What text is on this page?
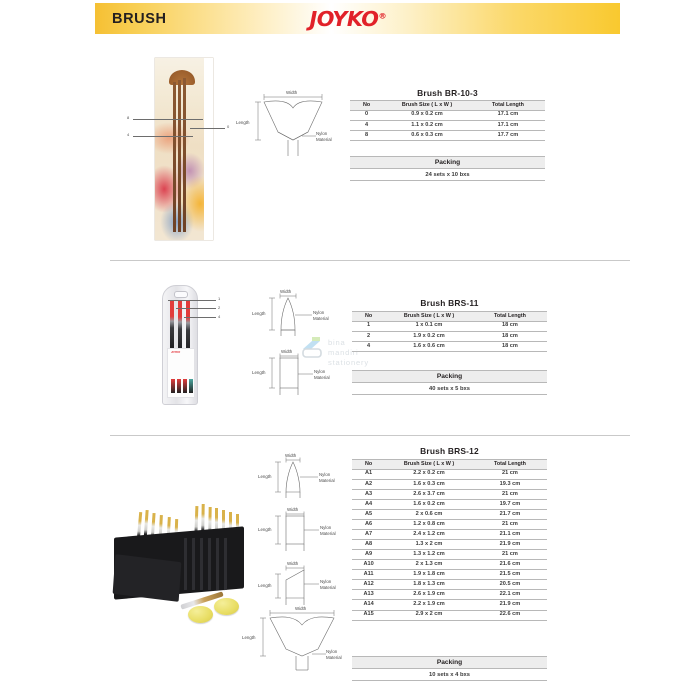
BRUSH	JOYKO®
8
4
0
Width
Length
Nylon
Material
Brush BR-10-3
No	Brush Size ( L x W )	Total Length
0	0.9 x 0.2 cm	17.1 cm
4	1.1 x 0.2 cm	17.1 cm
8	0.6 x 0.3 cm	17.7 cm
Packing
24 sets x 10 bxs
JOYKO
1
2
4
Width
Length	Nylon
Material
Width
Length	Nylon
Material
bina
mandiri
stationery
Brush BRS-11
No	Brush Size ( L x W )	Total Length
1	1 x 0.1 cm	18 cm
2	1.9 x 0.2 cm	18 cm
4	1.6 x 0.6 cm	18 cm
Packing
40 sets x 5 bxs
Width
Length	Nylon
Material
Width
Length	Nylon
Material
Width
Length
Nylon
Material
Width
Length
Nylon
Material
Brush BRS-12
No	Brush Size ( L x W )	Total Length
A1	2.2 x 0.2 cm	21 cm
A2	1.6 x 0.3 cm	19.3 cm
A3	2.6 x 3.7 cm	21 cm
A4	1.6 x 0.2 cm	19.7 cm
A5	2 x 0.6 cm	21.7 cm
A6	1.2 x 0.8 cm	21 cm
A7	2.4 x 1.2 cm	21.1 cm
A8	1.3 x 2 cm	21.9 cm
A9	1.3 x 1.2 cm	21 cm
A10	2 x 1.3 cm	21.6 cm
A11	1.9 x 1.8 cm	21.5 cm
A12	1.8 x 1.3 cm	20.5 cm
A13	2.6 x 1.9 cm	22.1 cm
A14	2.2 x 1.9 cm	21.9 cm
A15	2.9 x 2 cm	22.6 cm
Packing
10 sets x 4 bxs
